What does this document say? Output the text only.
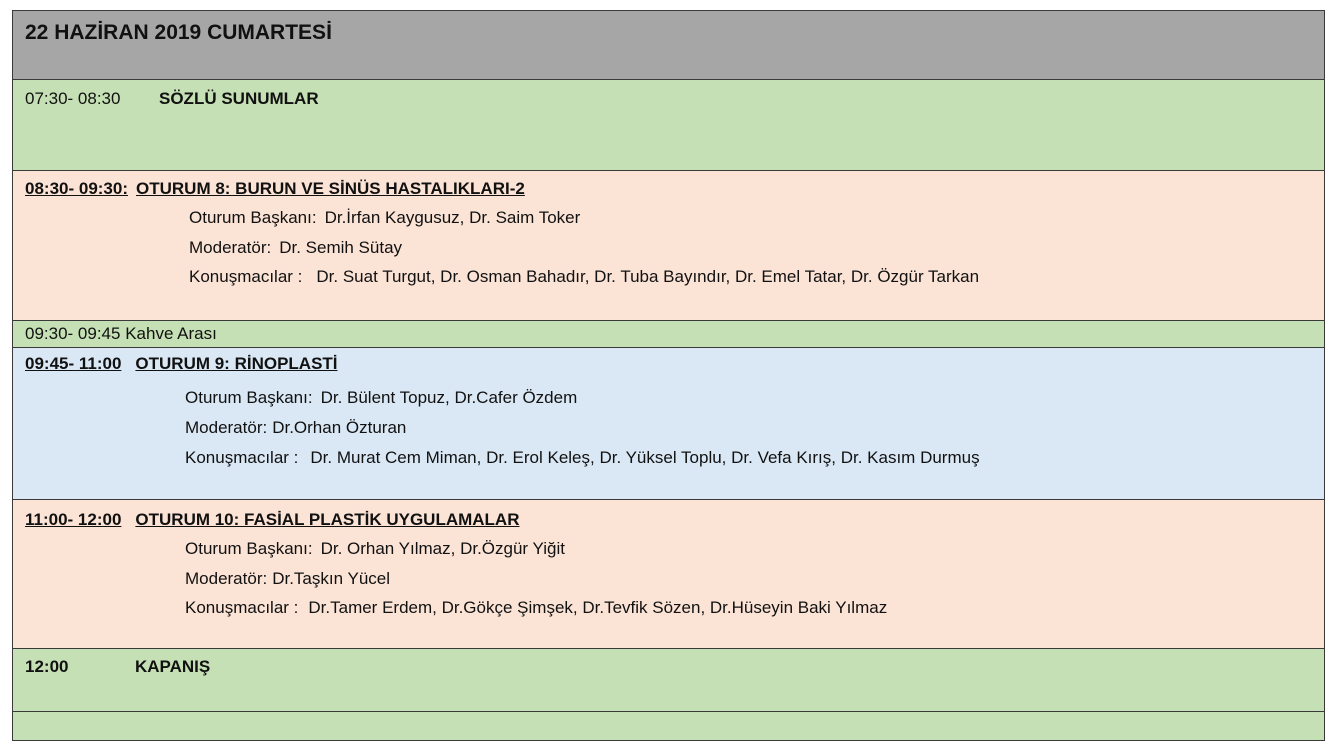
22 HAZİRAN 2019 CUMARTESİ
07:30- 08:30 SÖZLÜ SUNUMLAR
08:30- 09:30: OTURUM 8: BURUN VE SİNÜS HASTALIKLARI-2
Oturum Başkanı: Dr.İrfan Kaygusuz, Dr. Saim Toker
Moderatör: Dr. Semih Sütay
Konuşmacılar : Dr. Suat Turgut, Dr. Osman Bahadır, Dr. Tuba Bayındır, Dr. Emel Tatar, Dr. Özgür Tarkan
09:30- 09:45 Kahve Arası
09:45- 11:00 OTURUM 9: RİNOPLASTİ
Oturum Başkanı: Dr. Bülent Topuz, Dr.Cafer Özdem
Moderatör: Dr.Orhan Özturan
Konuşmacılar : Dr. Murat Cem Miman, Dr. Erol Keleş, Dr. Yüksel Toplu, Dr. Vefa Kırış, Dr. Kasım Durmuş
11:00- 12:00 OTURUM 10: FASİAL PLASTİK UYGULAMALAR
Oturum Başkanı: Dr. Orhan Yılmaz, Dr.Özgür Yiğit
Moderatör: Dr.Taşkın Yücel
Konuşmacılar : Dr.Tamer Erdem, Dr.Gökçe Şimşek, Dr.Tevfik Sözen, Dr.Hüseyin Baki Yılmaz
12:00	KAPANIŞ
